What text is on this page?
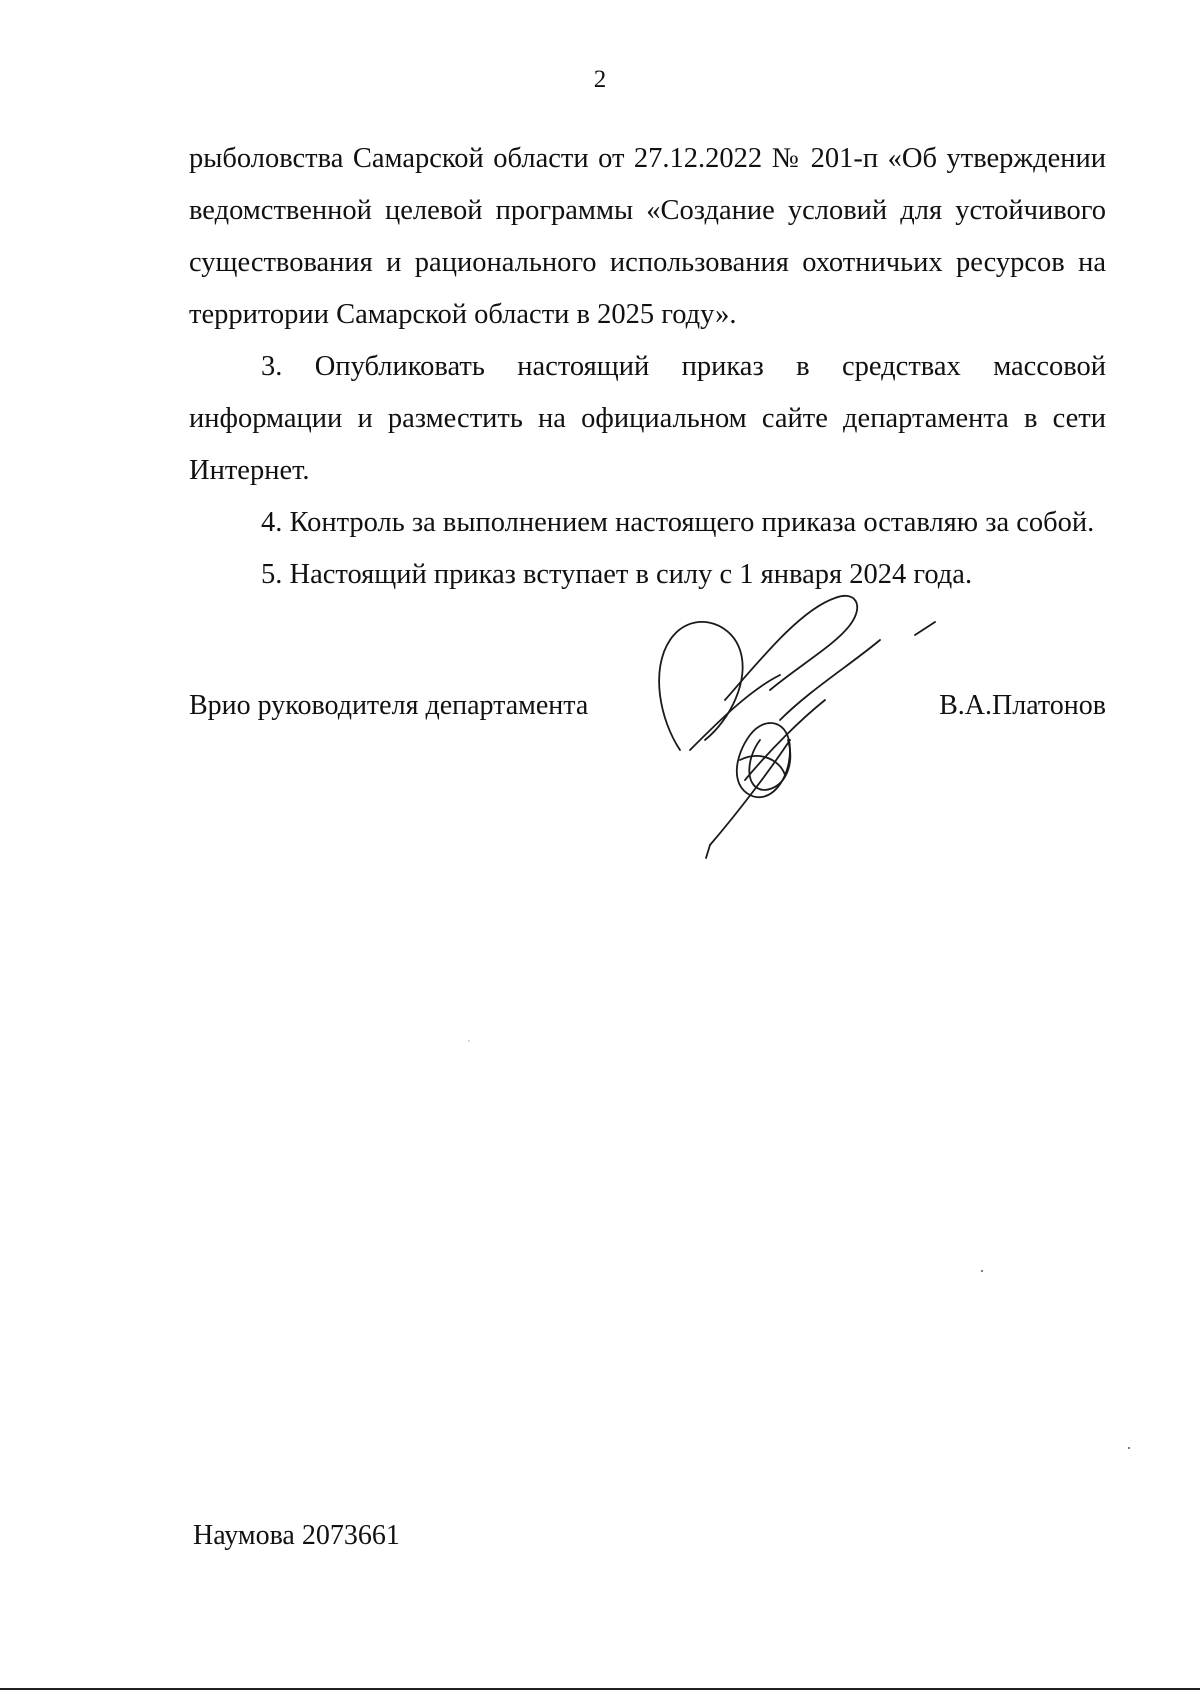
2

рыболовства Самарской области от 27.12.2022 № 201-п «Об утверждении ведомственной целевой программы «Создание условий для устойчивого существования и рационального использования охотничьих ресурсов на территории Самарской области в 2025 году».

3. Опубликовать настоящий приказ в средствах массовой информации и разместить на официальном сайте департамента в сети Интернет.

4. Контроль за выполнением настоящего приказа оставляю за собой.

5. Настоящий приказ вступает в силу с 1 января 2024 года.

Врио руководителя департамента	В.А.Платонов
Наумова 2073661
